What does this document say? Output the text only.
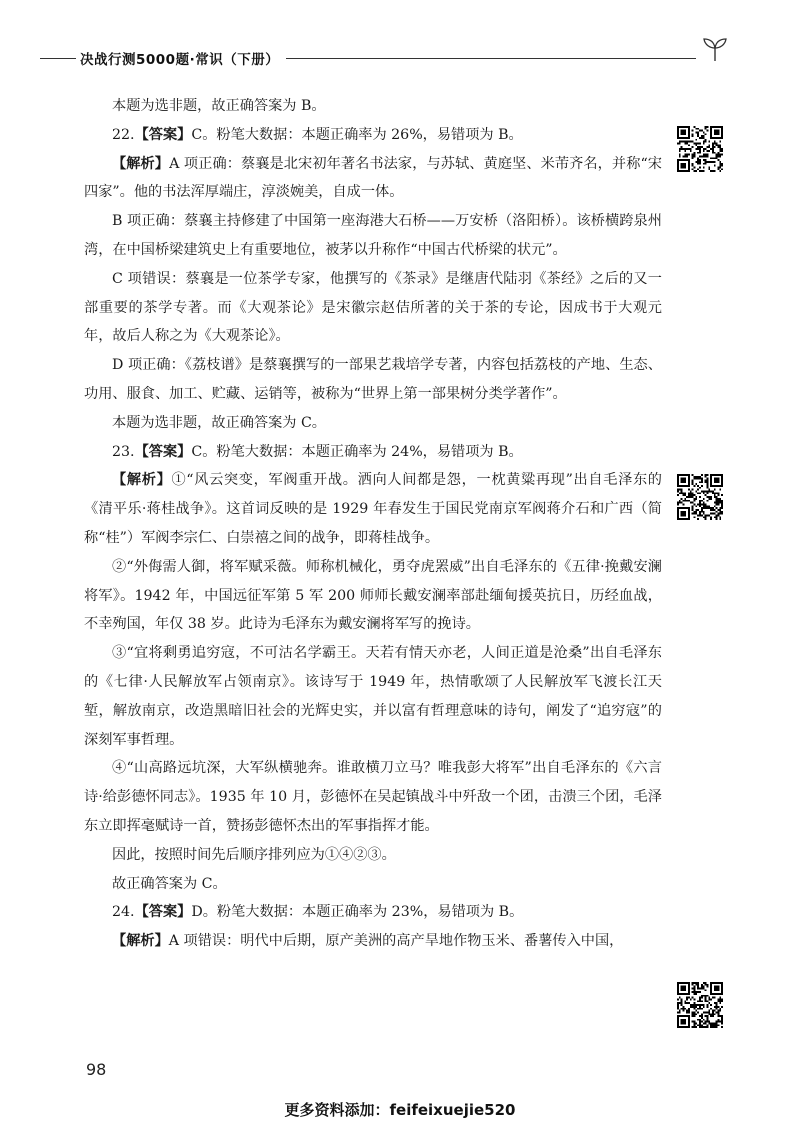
决战行测5000题·常识（下册）

本题为选非题，故正确答案为 B。

22.【答案】C。粉笔大数据：本题正确率为 26%，易错项为 B。

【解析】A 项正确：蔡襄是北宋初年著名书法家，与苏轼、黄庭坚、米芾齐名，并称“宋四家”。他的书法浑厚端庄，淳淡婉美，自成一体。

B 项正确：蔡襄主持修建了中国第一座海港大石桥——万安桥（洛阳桥）。该桥横跨泉州湾，在中国桥梁建筑史上有重要地位，被茅以升称作“中国古代桥梁的状元”。

C 项错误：蔡襄是一位茶学专家，他撰写的《茶录》是继唐代陆羽《茶经》之后的又一部重要的茶学专著。而《大观茶论》是宋徽宗赵佶所著的关于茶的专论，因成书于大观元年，故后人称之为《大观茶论》。

D 项正确：《荔枝谱》是蔡襄撰写的一部果艺栽培学专著，内容包括荔枝的产地、生态、功用、服食、加工、贮藏、运销等，被称为“世界上第一部果树分类学著作”。

本题为选非题，故正确答案为 C。

23.【答案】C。粉笔大数据：本题正确率为 24%，易错项为 B。

【解析】①“风云突变，军阀重开战。洒向人间都是怨，一枕黄粱再现”出自毛泽东的《清平乐·蒋桂战争》。这首词反映的是 1929 年春发生于国民党南京军阀蒋介石和广西（简称“桂”）军阀李宗仁、白崇禧之间的战争，即蒋桂战争。

②“外侮需人御，将军赋采薇。师称机械化，勇夺虎罴威”出自毛泽东的《五律·挽戴安澜将军》。1942 年，中国远征军第 5 军 200 师师长戴安澜率部赴缅甸援英抗日，历经血战，不幸殉国，年仅 38 岁。此诗为毛泽东为戴安澜将军写的挽诗。

③“宜将剩勇追穷寇，不可沽名学霸王。天若有情天亦老，人间正道是沧桑”出自毛泽东的《七律·人民解放军占领南京》。该诗写于 1949 年，热情歌颂了人民解放军飞渡长江天堑，解放南京，改造黑暗旧社会的光辉史实，并以富有哲理意味的诗句，阐发了“追穷寇”的深刻军事哲理。

④“山高路远坑深，大军纵横驰奔。谁敢横刀立马？唯我彭大将军”出自毛泽东的《六言诗·给彭德怀同志》。1935 年 10 月，彭德怀在吴起镇战斗中歼敌一个团，击溃三个团，毛泽东立即挥毫赋诗一首，赞扬彭德怀杰出的军事指挥才能。

因此，按照时间先后顺序排列应为①④②③。

故正确答案为 C。

24.【答案】D。粉笔大数据：本题正确率为 23%，易错项为 B。

【解析】A 项错误：明代中后期，原产美洲的高产旱地作物玉米、番薯传入中国，

98
更多资料添加：feifeixuejie520
